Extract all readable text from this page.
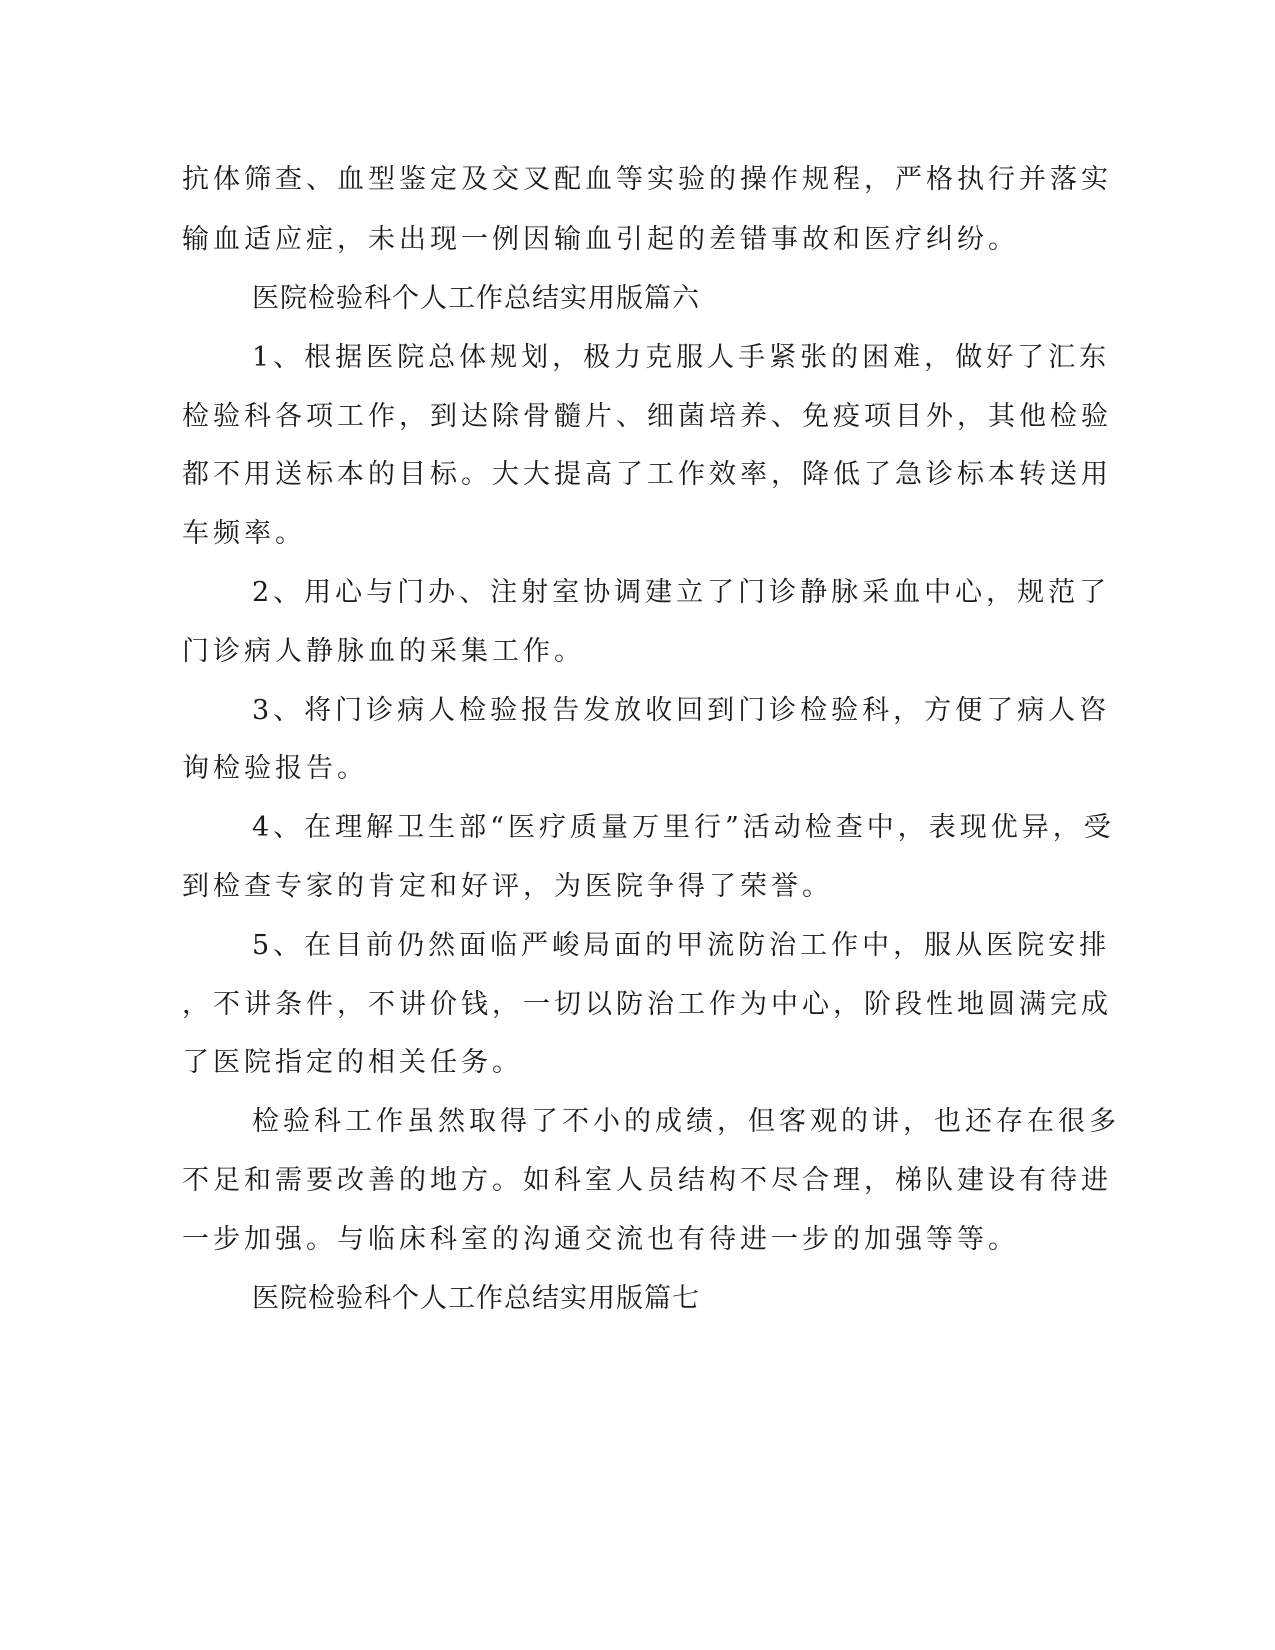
抗体筛查、血型鉴定及交叉配血等实验的操作规程，严格执行并落实

输血适应症，未出现一例因输血引起的差错事故和医疗纠纷。

医院检验科个人工作总结实用版篇六

1、根据医院总体规划，极力克服人手紧张的困难，做好了汇东

检验科各项工作，到达除骨髓片、细菌培养、免疫项目外，其他检验

都不用送标本的目标。大大提高了工作效率，降低了急诊标本转送用

车频率。

2、用心与门办、注射室协调建立了门诊静脉采血中心，规范了

门诊病人静脉血的采集工作。

3、将门诊病人检验报告发放收回到门诊检验科，方便了病人咨

询检验报告。

4、在理解卫生部“医疗质量万里行”活动检查中，表现优异，受

到检查专家的肯定和好评，为医院争得了荣誉。

5、在目前仍然面临严峻局面的甲流防治工作中，服从医院安排

，不讲条件，不讲价钱，一切以防治工作为中心，阶段性地圆满完成

了医院指定的相关任务。

检验科工作虽然取得了不小的成绩，但客观的讲，也还存在很多

不足和需要改善的地方。如科室人员结构不尽合理，梯队建设有待进

一步加强。与临床科室的沟通交流也有待进一步的加强等等。

医院检验科个人工作总结实用版篇七
